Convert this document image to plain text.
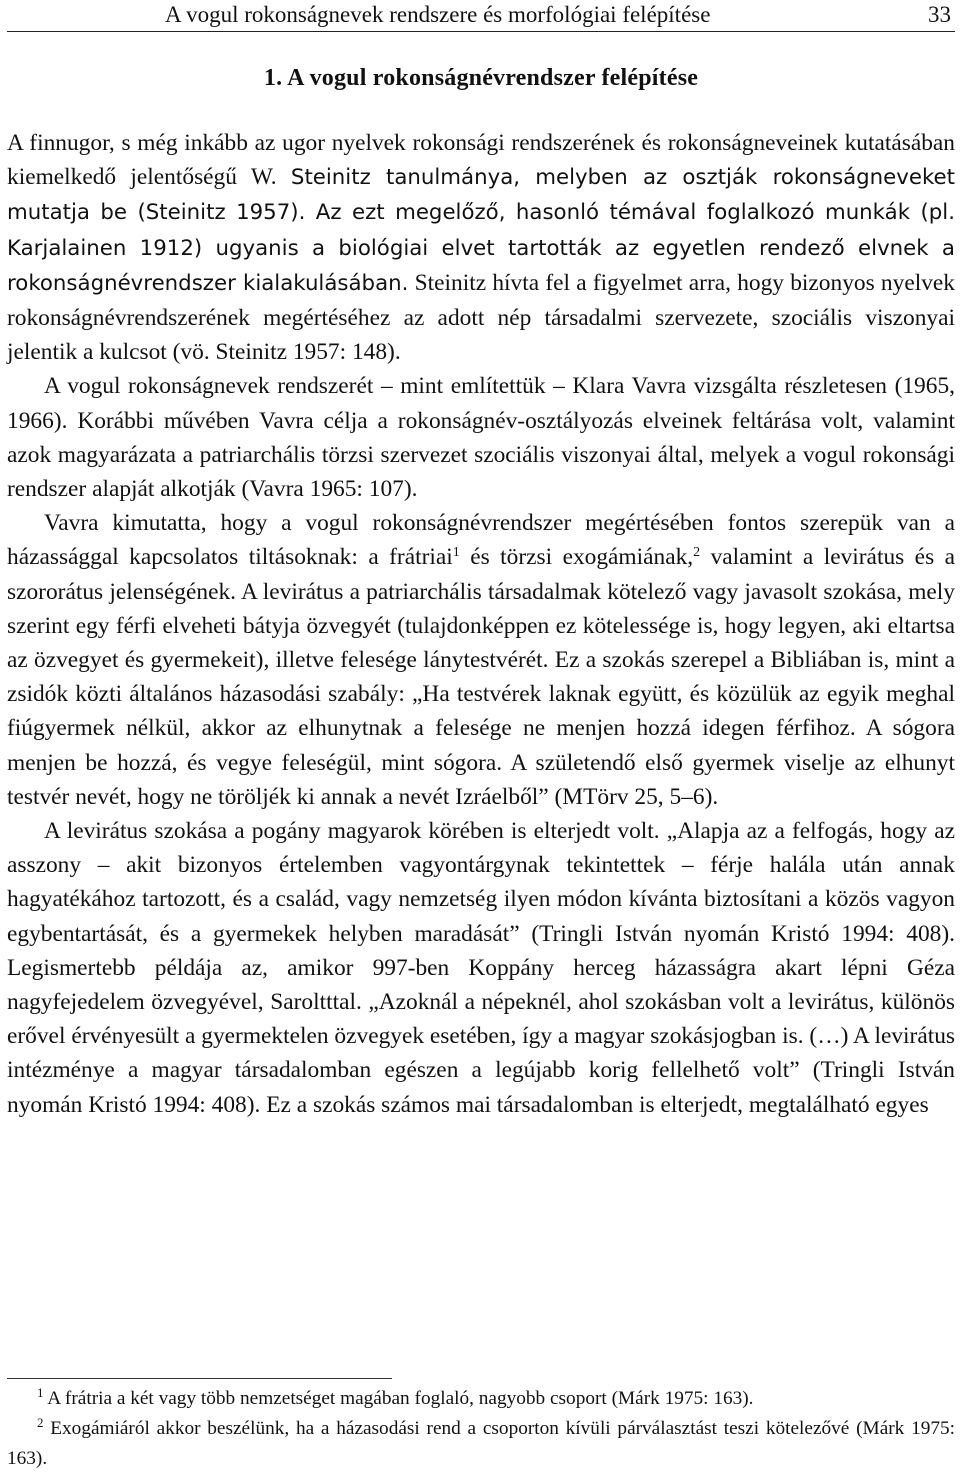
A vogul rokonságnevek rendszere és morfológiai felépítése	33
1. A vogul rokonságnévrendszer felépítése

A finnugor, s még inkább az ugor nyelvek rokonsági rendszerének és rokonságneveinek kutatásában kiemelkedő jelentőségű W. Steinitz tanulmánya, melyben az osztják rokonságneveket mutatja be (Steinitz 1957). Az ezt megelőző, hasonló témával foglalkozó munkák (pl. Karjalainen 1912) ugyanis a biológiai elvet tartották az egyetlen rendező elvnek a rokonságnévrendszer kialakulásában. Steinitz hívta fel a figyelmet arra, hogy bizonyos nyelvek rokonságnévrendszerének megértéséhez az adott nép társadalmi szervezete, szociális viszonyai jelentik a kulcsot (vö. Steinitz 1957: 148).

A vogul rokonságnevek rendszerét – mint említettük – Klara Vavra vizsgálta részletesen (1965, 1966). Korábbi művében Vavra célja a rokonságnév-osztályozás elveinek feltárása volt, valamint azok magyarázata a patriarchális törzsi szervezet szociális viszonyai által, melyek a vogul rokonsági rendszer alapját alkotják (Vavra 1965: 107).

Vavra kimutatta, hogy a vogul rokonságnévrendszer megértésében fontos szerepük van a házassággal kapcsolatos tiltásoknak: a frátriai$^1$ és törzsi exogámiának,$^2$ valamint a levirátus és a szororátus jelenségének. A levirátus a patriarchális társadalmak kötelező vagy javasolt szokása, mely szerint egy férfi elveheti bátyja özvegyét (tulajdonképpen ez kötelessége is, hogy legyen, aki eltartsa az özvegyet és gyermekeit), illetve felesége lánytestvérét. Ez a szokás szerepel a Bibliában is, mint a zsidók közti általános házasodási szabály: „Ha testvérek laknak együtt, és közülük az egyik meghal fiúgyermek nélkül, akkor az elhunytnak a felesége ne menjen hozzá idegen férfihoz. A sógora menjen be hozzá, és vegye feleségül, mint sógora. A születendő első gyermek viselje az elhunyt testvér nevét, hogy ne töröljék ki annak a nevét Izráelből” (MTörv 25, 5–6).

A levirátus szokása a pogány magyarok körében is elterjedt volt. „Alapja az a felfogás, hogy az asszony – akit bizonyos értelemben vagyontárgynak tekintettek – férje halála után annak hagyatékához tartozott, és a család, vagy nemzetség ilyen módon kívánta biztosítani a közös vagyon egybentartását, és a gyermekek helyben maradását” (Tringli István nyomán Kristó 1994: 408). Legismertebb példája az, amikor 997-ben Koppány herceg házasságra akart lépni Géza nagyfejedelem özvegyével, Saroltttal. „Azoknál a népeknél, ahol szokásban volt a levirátus, különös erővel érvényesült a gyermektelen özvegyek esetében, így a magyar szokásjogban is. (…) A levirátus intézménye a magyar társadalomban egészen a legújabb korig fellelhető volt” (Tringli István nyomán Kristó 1994: 408). Ez a szokás számos mai társadalomban is elterjedt, megtalálható egyes

$^1$ A frátria a két vagy több nemzetséget magában foglaló, nagyobb csoport (Márk 1975: 163).

$^2$ Exogámiáról akkor beszélünk, ha a házasodási rend a csoporton kívüli párválasztást teszi kötelezővé (Márk 1975: 163).
